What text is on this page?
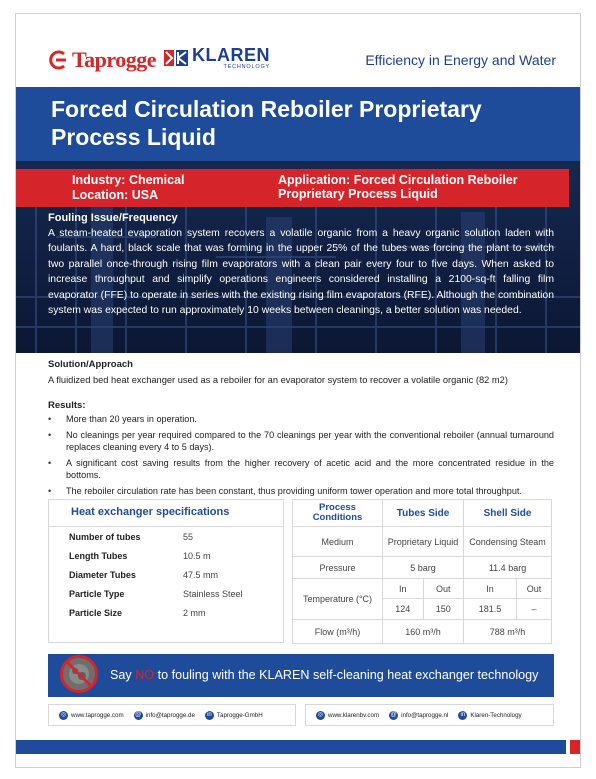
Taprogge KLAREN
TECHNOLOGY	Efficiency in Energy and Water
Forced Circulation Reboiler Proprietary Process Liquid
Industry: Chemical
Location: USA
Application: Forced Circulation Reboiler Proprietary Process Liquid
Fouling Issue/Frequency
A steam-heated evaporation system recovers a volatile organic from a heavy organic solution laden with foulants. A hard, black scale that was forming in the upper 25% of the tubes was forcing the plant to switch two parallel once-through rising film evaporators with a clean pair every four to five days. When asked to increase throughput and simplify operations engineers considered installing a 2100-sq-ft falling film evaporator (FFE) to operate in series with the existing rising film evaporators (RFE). Although the combination system was expected to run approximately 10 weeks between cleanings, a better solution was needed.
Solution/Approach
A fluidized bed heat exchanger used as a reboiler for an evaporator system to recover a volatile organic (82 m2)
Results:
• More than 20 years in operation.
• No cleanings per year required compared to the 70 cleanings per year with the conventional reboiler (annual turnaround replaces cleaning every 4 to 5 days).
• A significant cost saving results from the higher recovery of acetic acid and the more concentrated residue in the bottoms.
• The reboiler circulation rate has been constant, thus providing uniform tower operation and more total throughput.
Heat exchanger specifications
Number of tubes	55
Length Tubes	10.5 m
Diameter Tubes	47.5 mm
Particle Type	Stainless Steel
Particle Size	2 mm
Process Conditions	Tubes Side		Shell Side	
Medium	Proprietary Liquid		Condensing Steam	
Pressure	5 barg		11.4 barg	
Temperature (°C)	In	Out	In	Out
	124	150	181.5	–
Flow (m³/h)	160 m³/h		788 m³/h	
Say NO to fouling with the KLAREN self-cleaning heat exchanger technology
◎ www.taprogge.com @ info@taprogge.de	in Taprogge-GmbH	◎ www.klarenbv.com @ info@taprogge.nl	in Klaren-Technology
